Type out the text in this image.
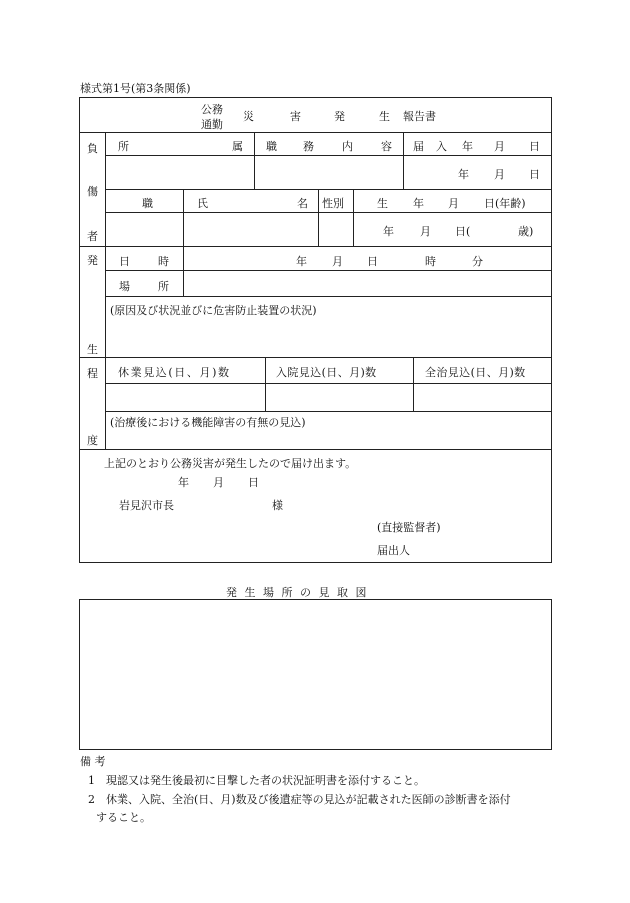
様式第1号(第3条関係)
公務
通勤
災	害	発	生 報告書
負
傷
者
発
生
程
度
所	属 職 務	内	容 届 入 年 月 日
年 月 日
職	氏	名 性別	生 年 月 日(年齢)
年 月 日(	歳)
日	時	年 月 日	時	分
場	所
(原因及び状況並びに危害防止装置の状況)
休業見込(日、月)数	入院見込(日、月)数	全治見込(日、月)数
(治療後における機能障害の有無の見込)
上記のとおり公務災害が発生したので届け出ます。
年 月 日
岩見沢市長	様
(直接監督者)
届出人
発 生 場 所 の 見 取 図
備 考
1　現認又は発生後最初に目撃した者の状況証明書を添付すること。
2　休業、入院、全治(日、月)数及び後遺症等の見込が記載された医師の診断書を添付
すること。
